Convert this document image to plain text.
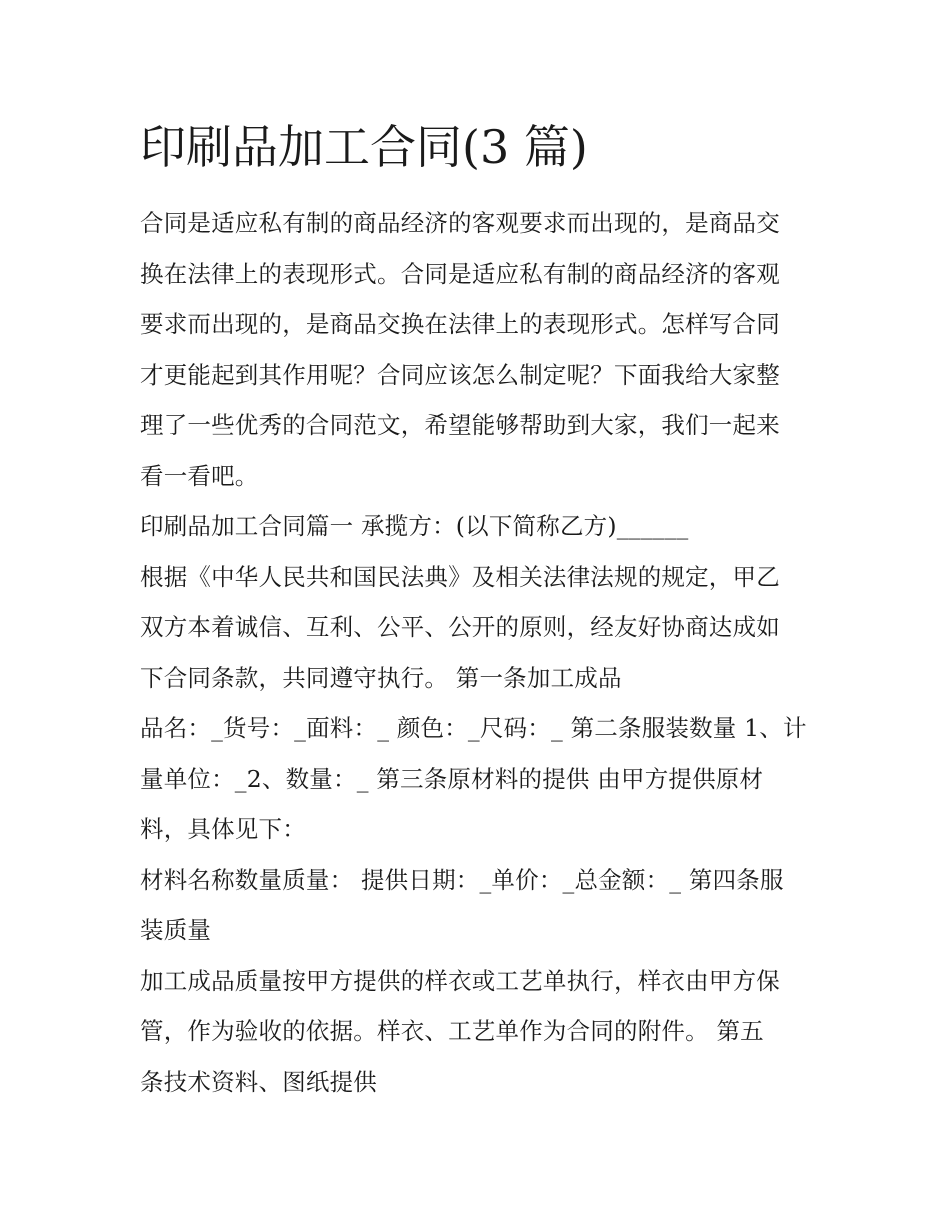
印刷品加工合同(3 篇)

合同是适应私有制的商品经济的客观要求而出现的，是商品交
换在法律上的表现形式。合同是适应私有制的商品经济的客观
要求而出现的，是商品交换在法律上的表现形式。怎样写合同
才更能起到其作用呢？合同应该怎么制定呢？下面我给大家整
理了一些优秀的合同范文，希望能够帮助到大家，我们一起来
看一看吧。

印刷品加工合同篇一 承揽方：(以下简称乙方)______

根据《中华人民共和国民法典》及相关法律法规的规定，甲乙
双方本着诚信、互利、公平、公开的原则，经友好协商达成如
下合同条款，共同遵守执行。 第一条加工成品

品名：_货号：_面料：_ 颜色：_尺码：_ 第二条服装数量 1、计
量单位：_2、数量：_ 第三条原材料的提供 由甲方提供原材
料，具体见下：

材料名称数量质量： 提供日期：_单价：_总金额：_ 第四条服
装质量

加工成品质量按甲方提供的样衣或工艺单执行，样衣由甲方保
管，作为验收的依据。样衣、工艺单作为合同的附件。 第五
条技术资料、图纸提供
